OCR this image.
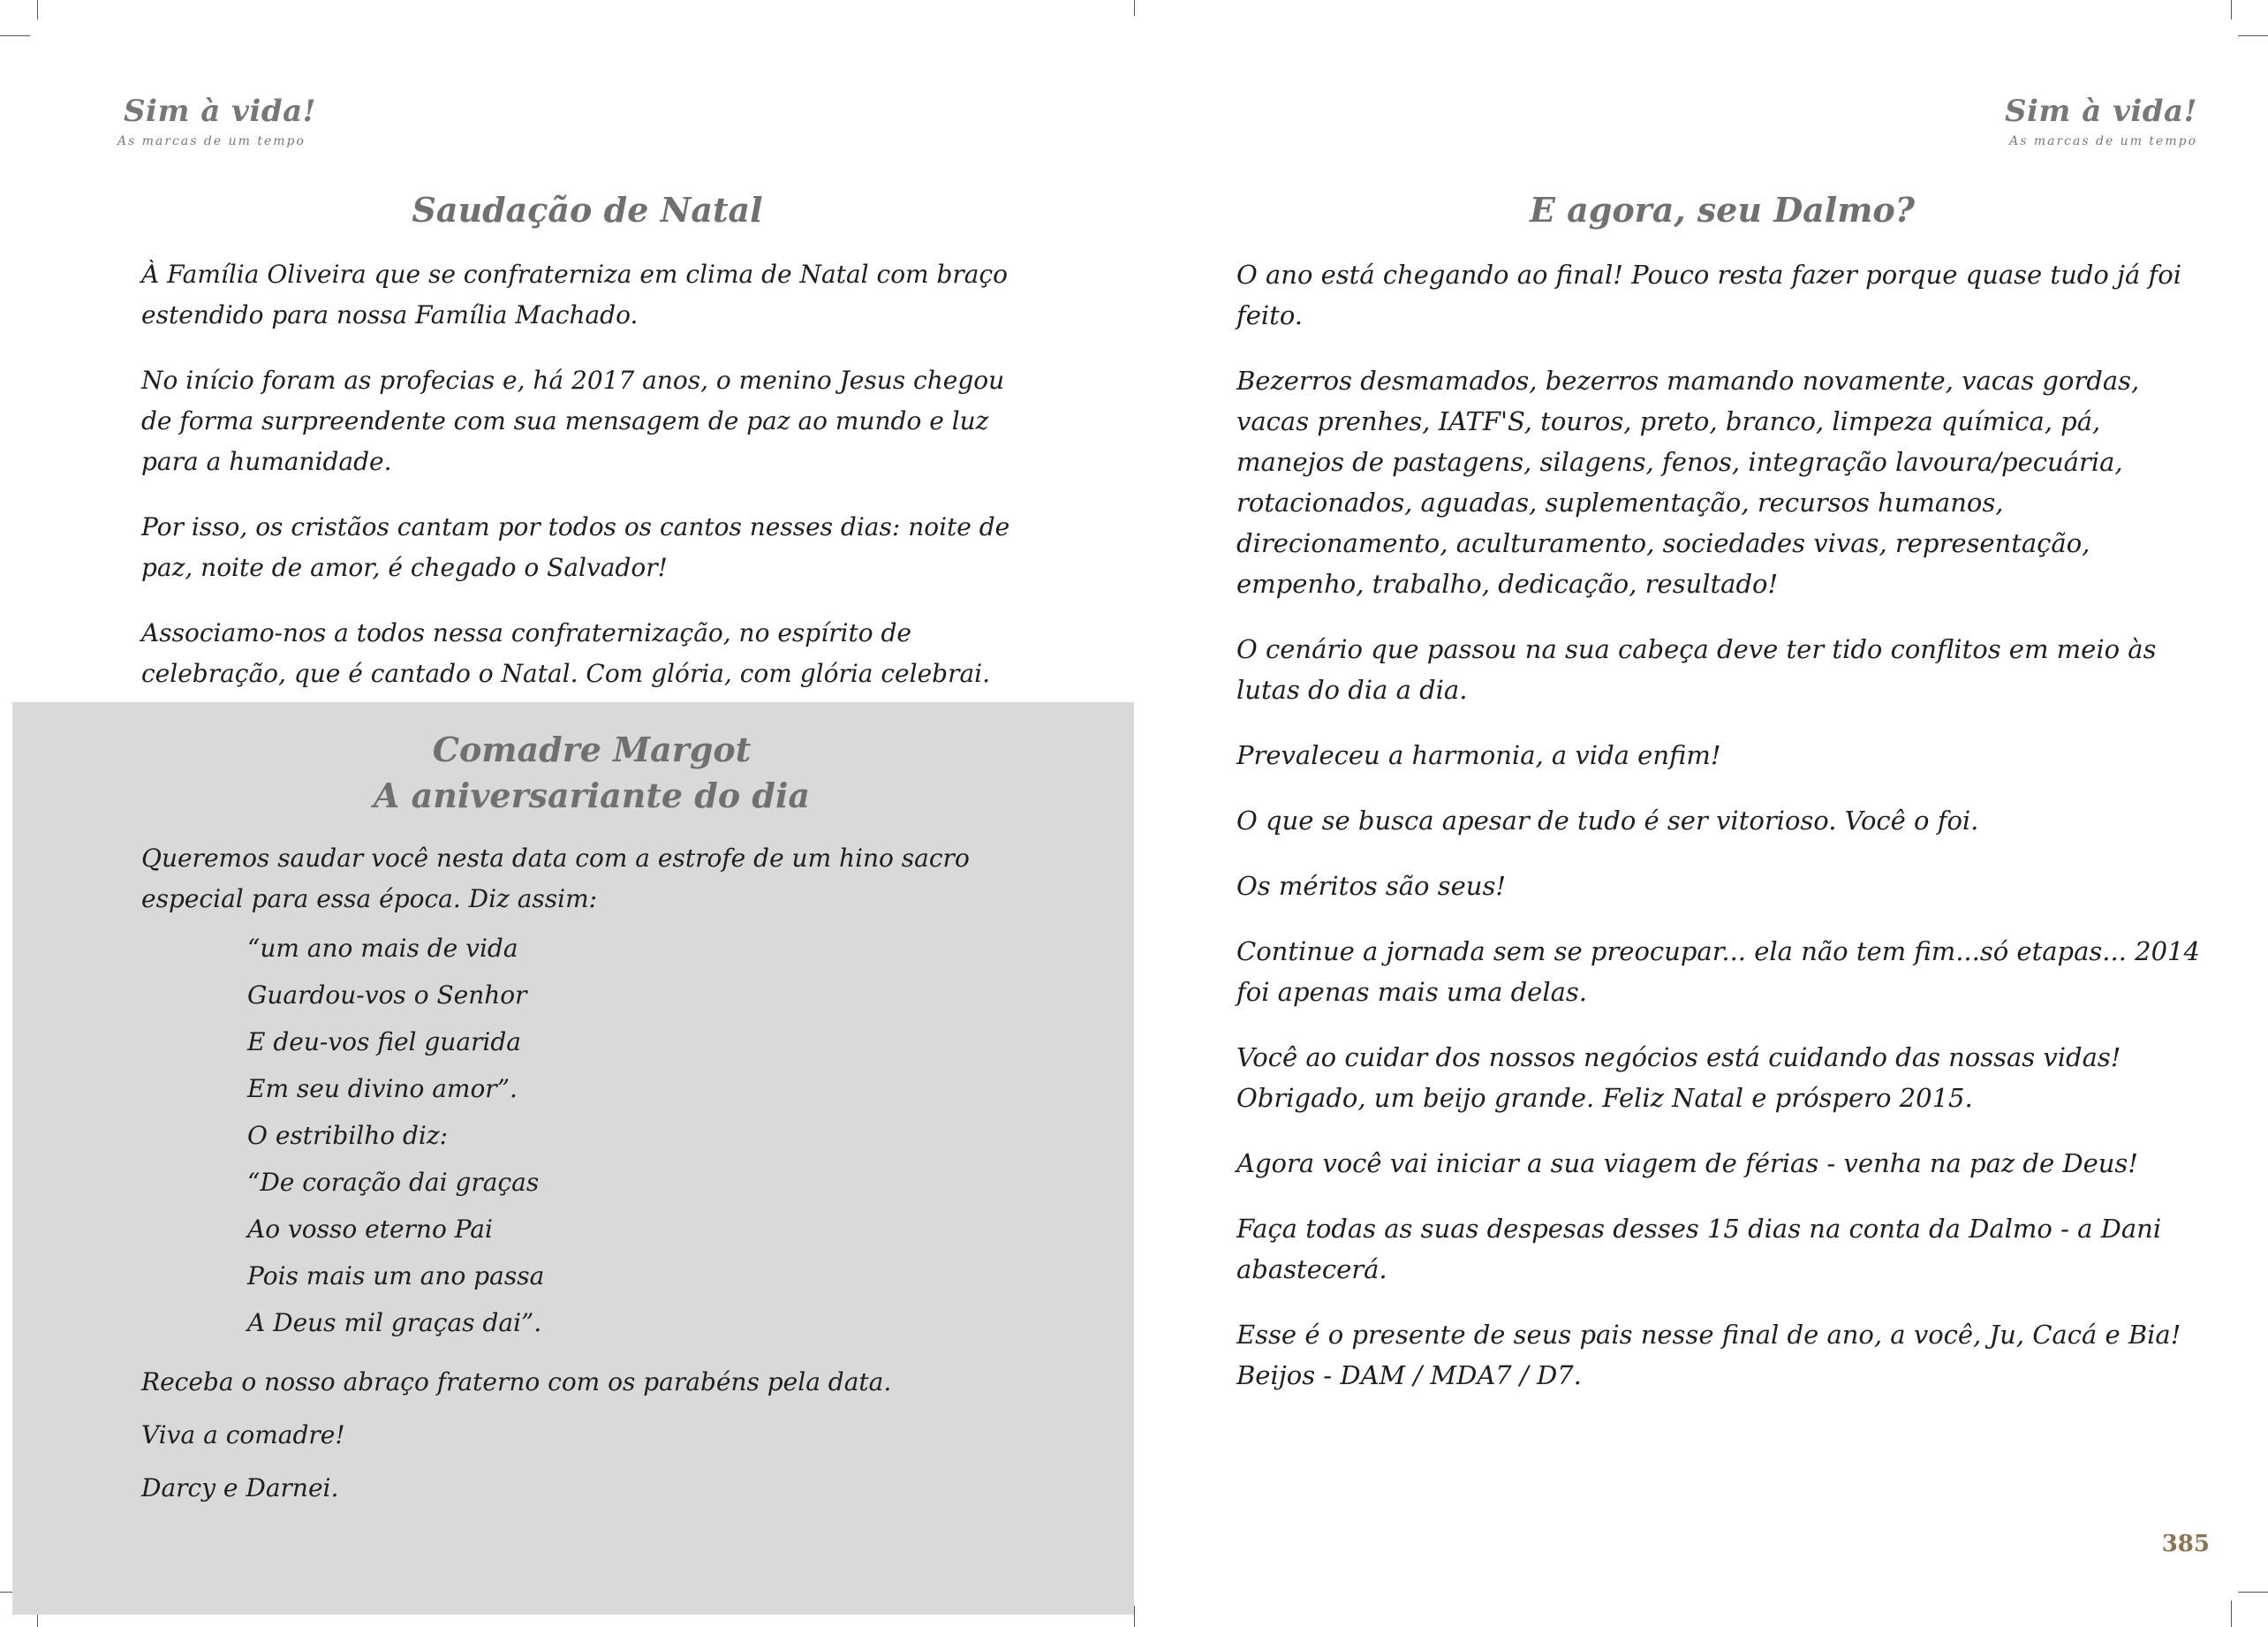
Sim à vida!
As marcas de um tempo
Saudação de Natal

À Família Oliveira que se confraterniza em clima de Natal com braço estendido para nossa Família Machado.

No início foram as profecias e, há 2017 anos, o menino Jesus chegou de forma surpreendente com sua mensagem de paz ao mundo e luz para a humanidade.

Por isso, os cristãos cantam por todos os cantos nesses dias: noite de paz, noite de amor, é chegado o Salvador!

Associamo-nos a todos nessa confraternização, no espírito de celebração, que é cantado o Natal. Com glória, com glória celebrai.

Comadre Margot
A aniversariante do dia

Queremos saudar você nesta data com a estrofe de um hino sacro especial para essa época. Diz assim:

“um ano mais de vida
Guardou-vos o Senhor
E deu-vos fiel guarida
Em seu divino amor”.
O estribilho diz:
“De coração dai graças
Ao vosso eterno Pai
Pois mais um ano passa
A Deus mil graças dai”.

Receba o nosso abraço fraterno com os parabéns pela data.

Viva a comadre!

Darcy e Darnei.

Sim à vida!
As marcas de um tempo
E agora, seu Dalmo?

O ano está chegando ao final! Pouco resta fazer porque quase tudo já foi feito.

Bezerros desmamados, bezerros mamando novamente, vacas gordas, vacas prenhes, IATF'S, touros, preto, branco, limpeza química, pá, manejos de pastagens, silagens, fenos, integração lavoura/pecuária, rotacionados, aguadas, suplementação, recursos humanos, direcionamento, aculturamento, sociedades vivas, representação, empenho, trabalho, dedicação, resultado!

O cenário que passou na sua cabeça deve ter tido conflitos em meio às lutas do dia a dia.

Prevaleceu a harmonia, a vida enfim!

O que se busca apesar de tudo é ser vitorioso. Você o foi.

Os méritos são seus!

Continue a jornada sem se preocupar... ela não tem fim...só etapas... 2014 foi apenas mais uma delas.

Você ao cuidar dos nossos negócios está cuidando das nossas vidas! Obrigado, um beijo grande. Feliz Natal e próspero 2015.

Agora você vai iniciar a sua viagem de férias - venha na paz de Deus!

Faça todas as suas despesas desses 15 dias na conta da Dalmo - a Dani abastecerá.

Esse é o presente de seus pais nesse final de ano, a você, Ju, Cacá e Bia! Beijos - DAM / MDA7 / D7.

385
